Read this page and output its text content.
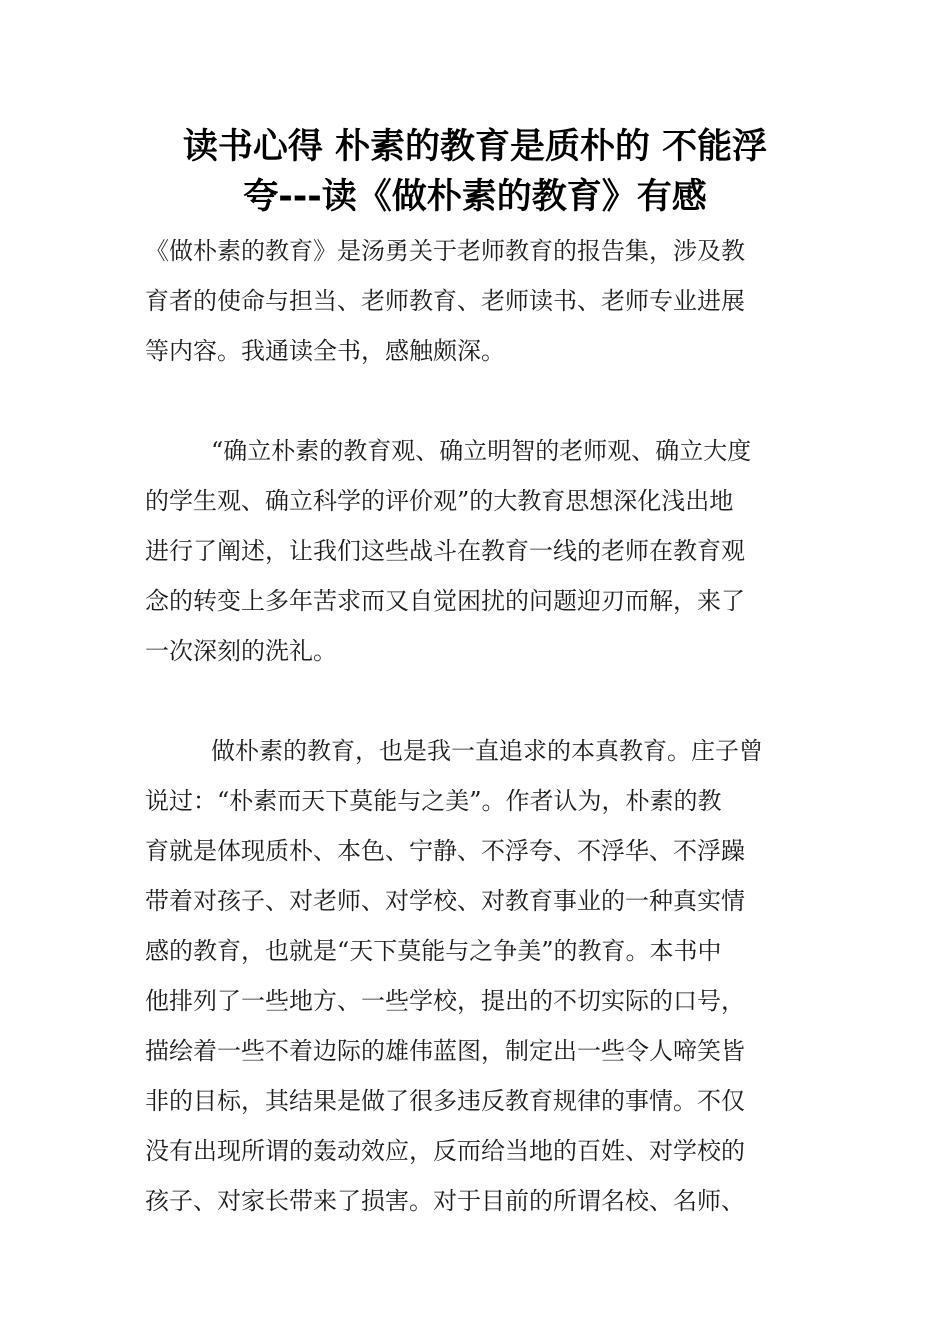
读书心得 朴素的教育是质朴的 不能浮
夸---读《做朴素的教育》有感
《做朴素的教育》是汤勇关于老师教育的报告集，涉及教
育者的使命与担当、老师教育、老师读书、老师专业进展
等内容。我通读全书，感触颇深。
“确立朴素的教育观、确立明智的老师观、确立大度
的学生观、确立科学的评价观”的大教育思想深化浅出地
进行了阐述，让我们这些战斗在教育一线的老师在教育观
念的转变上多年苦求而又自觉困扰的问题迎刃而解，来了
一次深刻的洗礼。
做朴素的教育，也是我一直追求的本真教育。庄子曾
说过：“朴素而天下莫能与之美”。作者认为，朴素的教
育就是体现质朴、本色、宁静、不浮夸、不浮华、不浮躁
带着对孩子、对老师、对学校、对教育事业的一种真实情
感的教育，也就是“天下莫能与之争美”的教育。本书中
他排列了一些地方、一些学校，提出的不切实际的口号，
描绘着一些不着边际的雄伟蓝图，制定出一些令人啼笑皆
非的目标，其结果是做了很多违反教育规律的事情。不仅
没有出现所谓的轰动效应，反而给当地的百姓、对学校的
孩子、对家长带来了损害。对于目前的所谓名校、名师、
